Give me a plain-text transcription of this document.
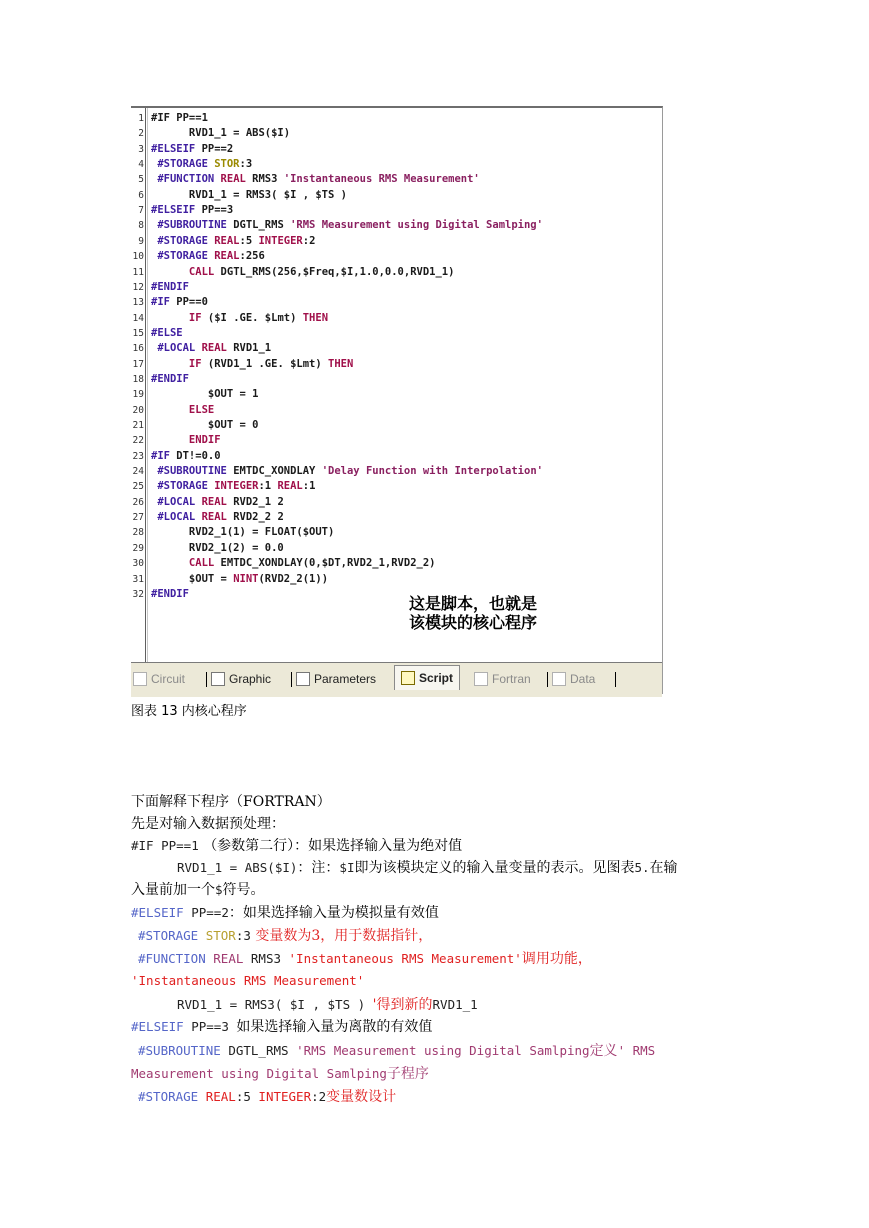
1 #IF PP==1
2 RVD1_1 = ABS($I)
3 #ELSEIF PP==2
4 #STORAGE STOR:3
5 #FUNCTION REAL RMS3 'Instantaneous RMS Measurement'
6 RVD1_1 = RMS3( $I , $TS )
7 #ELSEIF PP==3
8 #SUBROUTINE DGTL_RMS 'RMS Measurement using Digital Samlping'
9 #STORAGE REAL:5 INTEGER:2
10 #STORAGE REAL:256
11 CALL DGTL_RMS(256,$Freq,$I,1.0,0.0,RVD1_1)
12 #ENDIF
13 #IF PP==0
14 IF ($I .GE. $Lmt) THEN
15 #ELSE
16 #LOCAL REAL RVD1_1
17 IF (RVD1_1 .GE. $Lmt) THEN
18 #ENDIF
19 $OUT = 1
20 ELSE
21 $OUT = 0
22 ENDIF
23 #IF DT!=0.0
24 #SUBROUTINE EMTDC_XONDLAY 'Delay Function with Interpolation'
25 #STORAGE INTEGER:1 REAL:1
26 #LOCAL REAL RVD2_1 2
27 #LOCAL REAL RVD2_2 2
28 RVD2_1(1) = FLOAT($OUT)
29 RVD2_1(2) = 0.0
30 CALL EMTDC_XONDLAY(0,$DT,RVD2_1,RVD2_2)
31 $OUT = NINT(RVD2_2(1))
32 #ENDIF
这是脚本，也就是
该模块的核心程序
Circuit	Graphic	Parameters	Script	Fortran	Data
图表 13 内核心程序
下面解释下程序（FORTRAN）
先是对输入数据预处理：
#IF PP==1 （参数第二行）：如果选择输入量为绝对值
RVD1_1 = ABS($I)：注：$I即为该模块定义的输入量变量的表示。见图表5.在输
入量前加一个$符号。
#ELSEIF PP==2：如果选择输入量为模拟量有效值
#STORAGE STOR:3 变量数为3，用于数据指针，
#FUNCTION REAL RMS3 'Instantaneous RMS Measurement'调用功能，
'Instantaneous RMS Measurement'
RVD1_1 = RMS3( $I , $TS ) '得到新的RVD1_1
#ELSEIF PP==3 如果选择输入量为离散的有效值
#SUBROUTINE DGTL_RMS 'RMS Measurement using Digital Samlping定义' RMS
Measurement using Digital Samlping子程序
#STORAGE REAL:5 INTEGER:2变量数设计
